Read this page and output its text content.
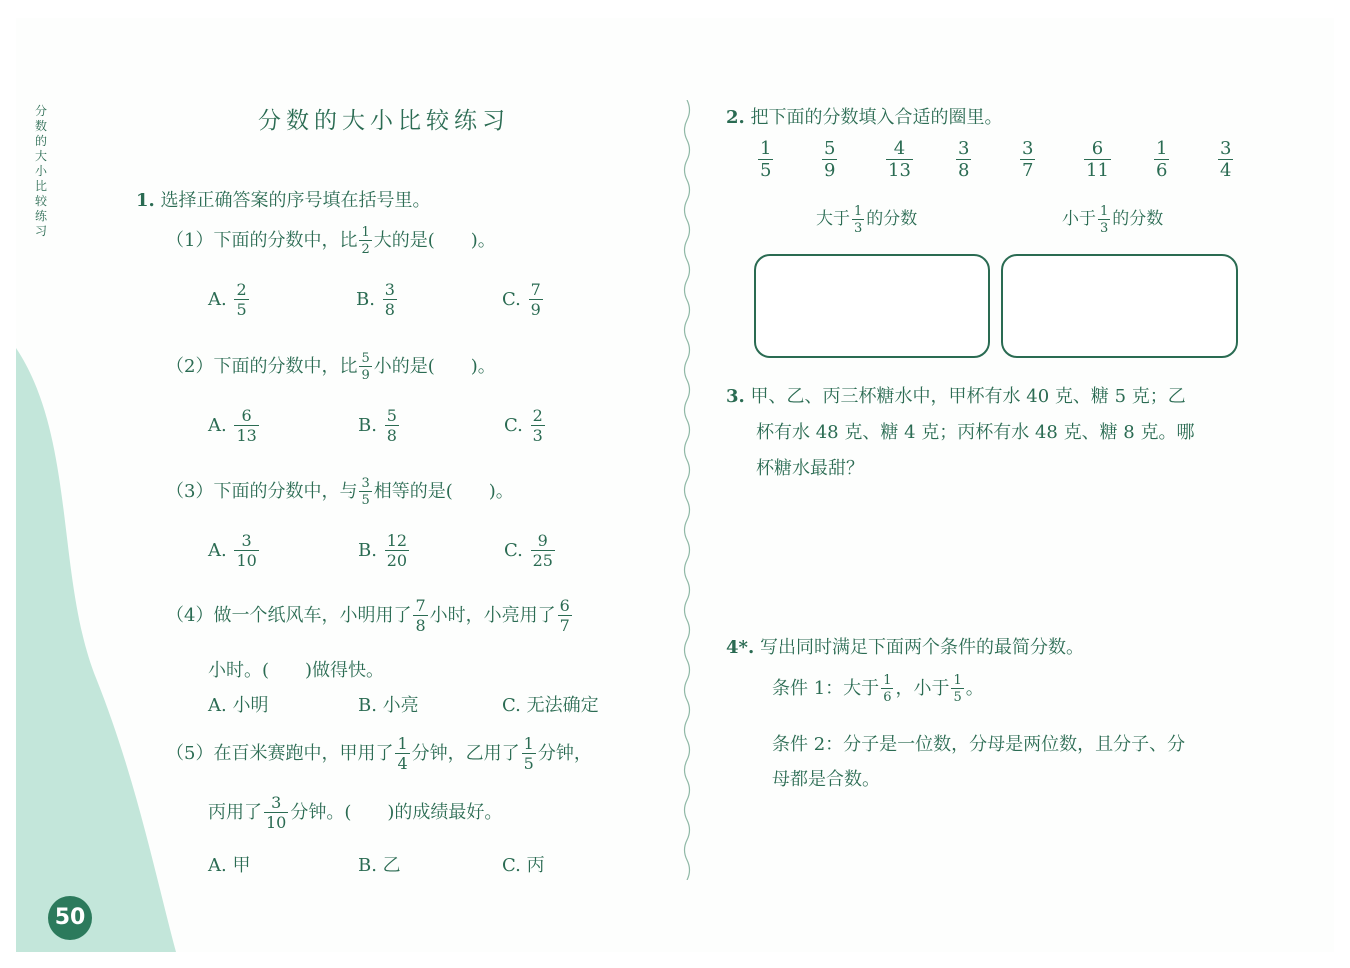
分
数
的
大
小
比
较
练
习
50
分数的大小比较练习
1. 选择正确答案的序号填在括号里。
（1）下面的分数中，比 $\frac{1}{2}$ 大的是(　　)。
A. $\frac{2}{5}$	B. $\frac{3}{8}$	C. $\frac{7}{9}$
（2）下面的分数中，比 $\frac{5}{9}$ 小的是(　　)。
A. $\frac{6}{13}$	B. $\frac{5}{8}$	C. $\frac{2}{3}$
（3）下面的分数中，与 $\frac{3}{5}$ 相等的是(　　)。
A. $\frac{3}{10}$	B. $\frac{12}{20}$	C. $\frac{9}{25}$
（4）做一个纸风车，小明用了 $\frac{7}{8}$ 小时，小亮用了 $\frac{6}{7}$
小时。(　　)做得快。
A. 小明	B. 小亮	C. 无法确定
（5）在百米赛跑中，甲用了 $\frac{1}{4}$ 分钟，乙用了 $\frac{1}{5}$ 分钟，
丙用了 $\frac{3}{10}$ 分钟。(　　)的成绩最好。
A. 甲	B. 乙	C. 丙
2. 把下面的分数填入合适的圈里。
$\frac{1}{5}$	$\frac{5}{9}$	$\frac{4}{13} \frac{3}{8}$	$\frac{3}{7}$	$\frac{6}{11} \frac{1}{6}$	$\frac{3}{4}$
大于 $\frac{1}{3}$ 的分数	小于 $\frac{1}{3}$ 的分数
3. 甲、乙、丙三杯糖水中，甲杯有水 40 克、糖 5 克；乙
杯有水 48 克、糖 4 克；丙杯有水 48 克、糖 8 克。哪
杯糖水最甜？
4*. 写出同时满足下面两个条件的最简分数。
条件 1：大于 $\frac{1}{6}$ ，小于 $\frac{1}{5}$ 。
条件 2：分子是一位数，分母是两位数，且分子、分
母都是合数。
